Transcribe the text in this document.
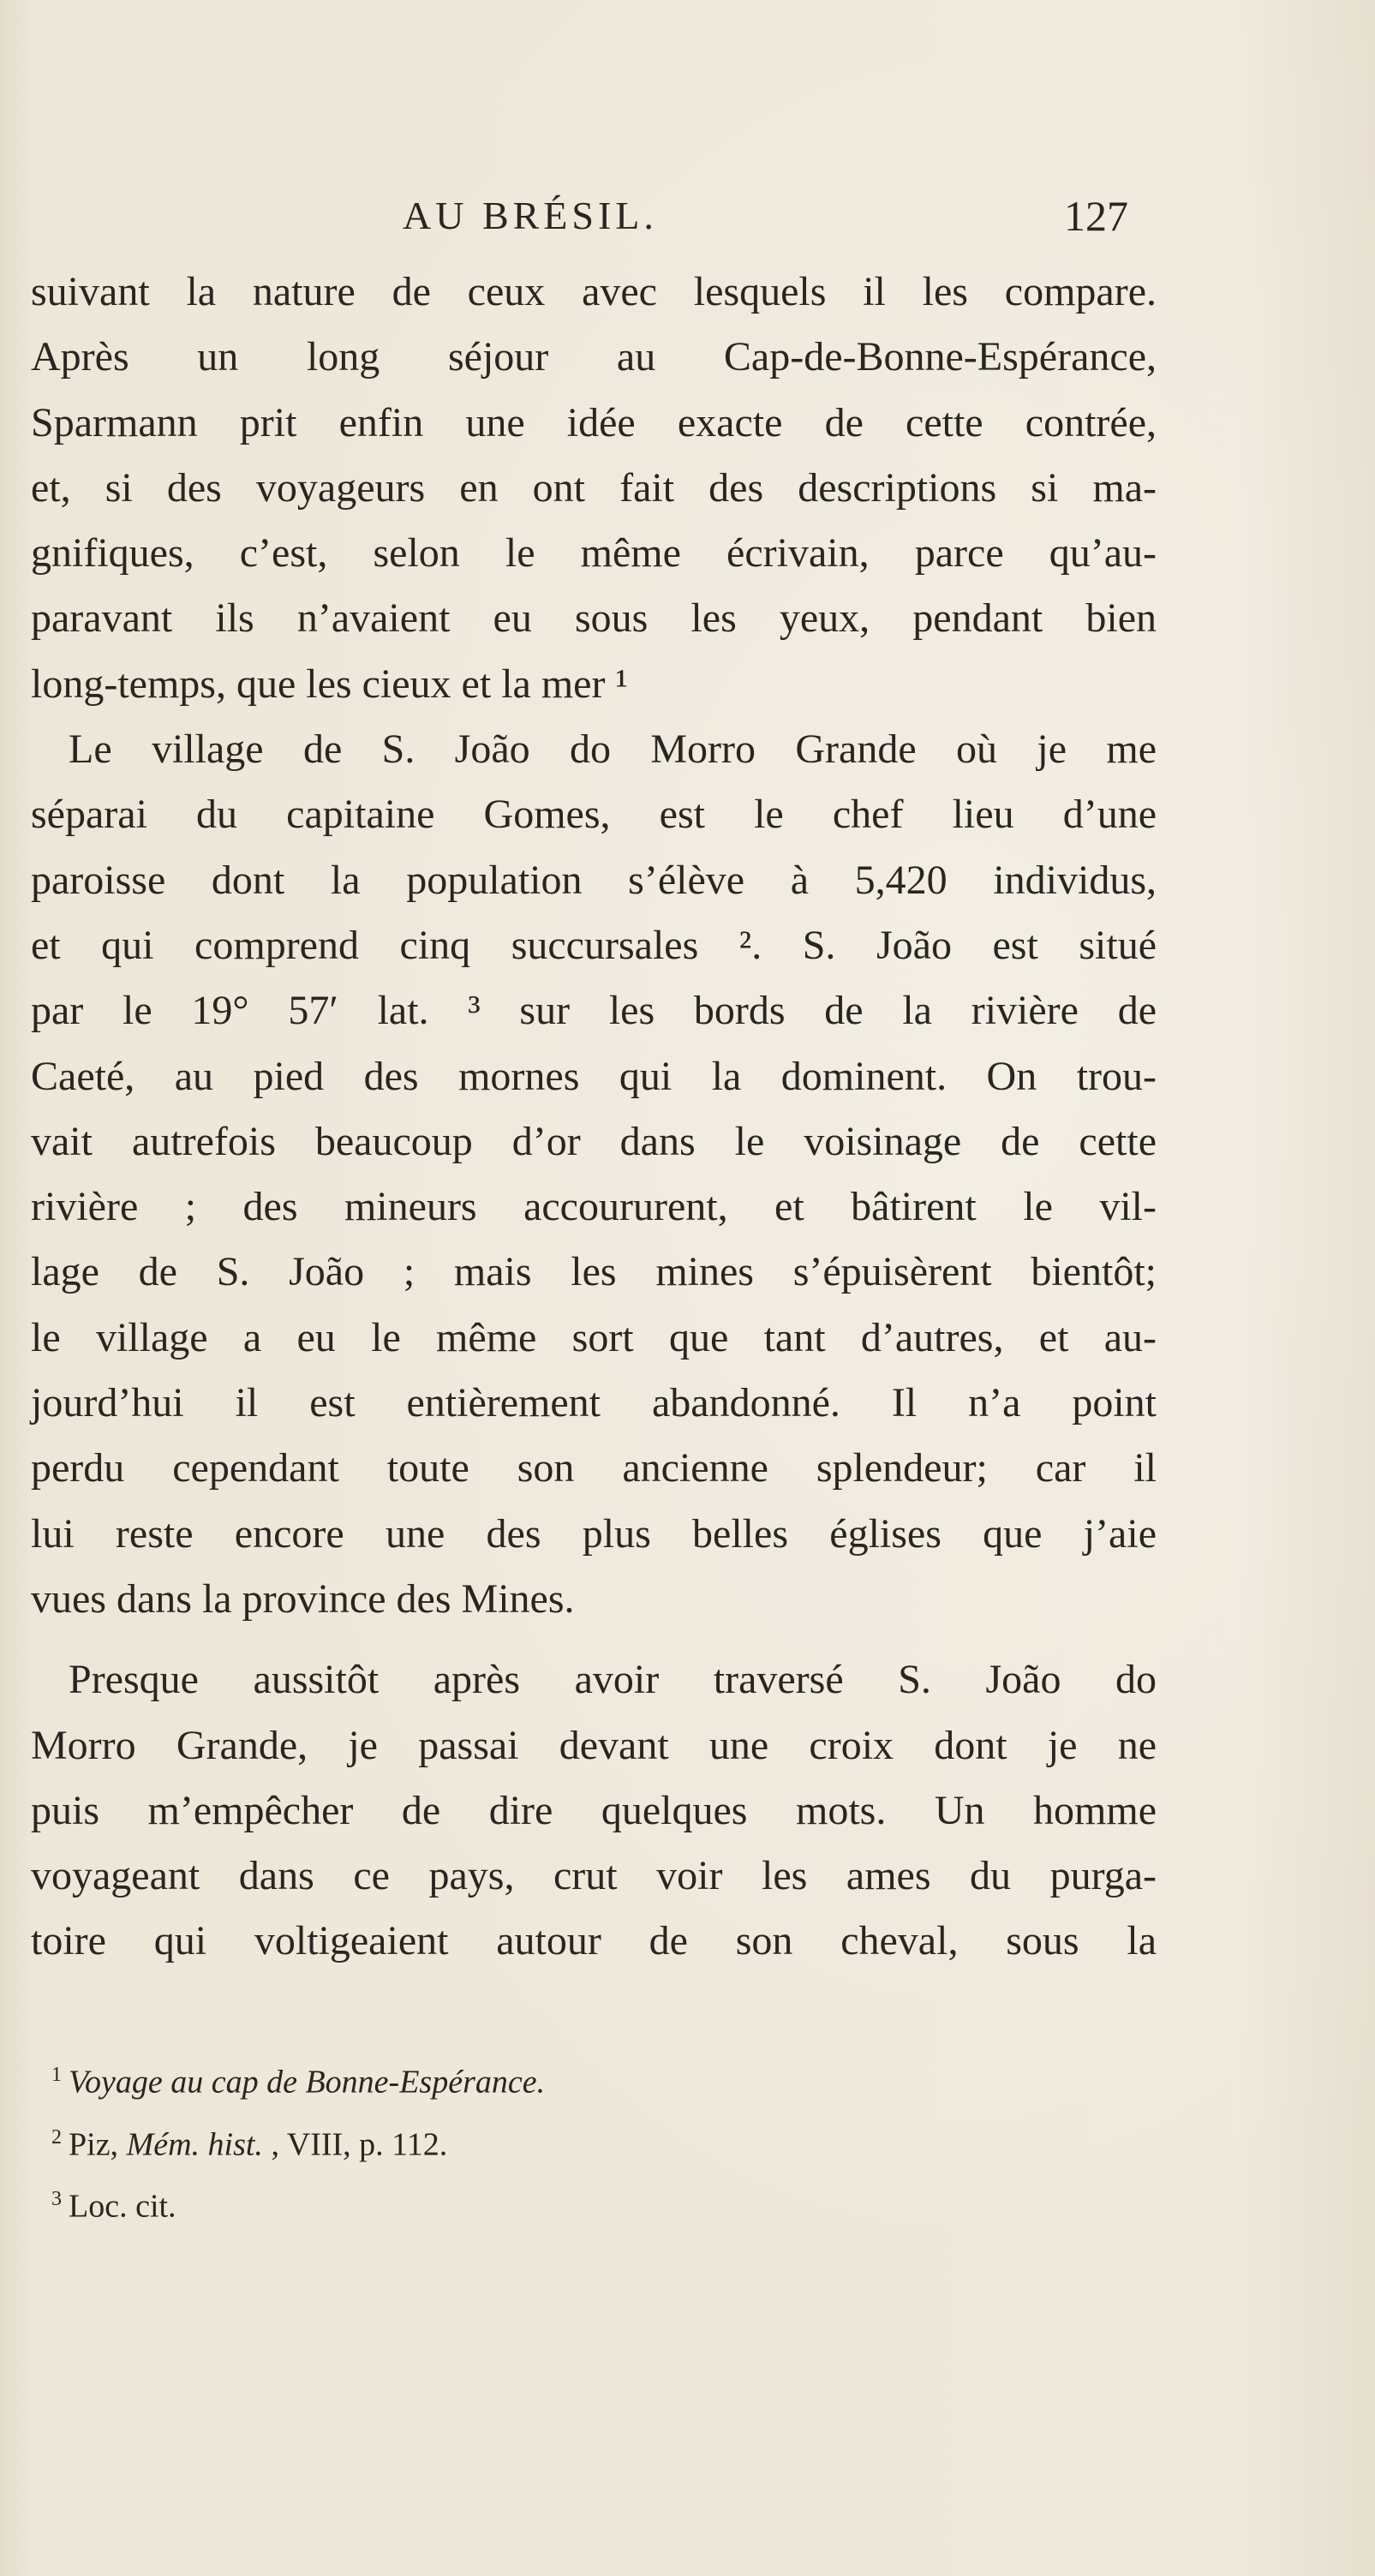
AU BRÉSIL.	127
suivant la nature de ceux avec lesquels il les compare.
Après un long séjour au Cap-de-Bonne-Espérance,
Sparmann prit enfin une idée exacte de cette contrée,
et, si des voyageurs en ont fait des descriptions si ma-
gnifiques, c’est, selon le même écrivain, parce qu’au-
paravant ils n’avaient eu sous les yeux, pendant bien
long-temps, que les cieux et la mer ¹
Le village de S. João do Morro Grande où je me
séparai du capitaine Gomes, est le chef lieu d’une
paroisse dont la population s’élève à 5,420 individus,
et qui comprend cinq succursales ². S. João est situé
par le 19° 57′ lat. ³ sur les bords de la rivière de
Caeté, au pied des mornes qui la dominent. On trou-
vait autrefois beaucoup d’or dans le voisinage de cette
rivière ; des mineurs accoururent, et bâtirent le vil-
lage de S. João ; mais les mines s’épuisèrent bientôt;
le village a eu le même sort que tant d’autres, et au-
jourd’hui il est entièrement abandonné. Il n’a point
perdu cependant toute son ancienne splendeur; car il
lui reste encore une des plus belles églises que j’aie
vues dans la province des Mines.
Presque aussitôt après avoir traversé S. João do
Morro Grande, je passai devant une croix dont je ne
puis m’empêcher de dire quelques mots. Un homme
voyageant dans ce pays, crut voir les ames du purga-
toire qui voltigeaient autour de son cheval, sous la
$^1$ Voyage au cap de Bonne-Espérance.
$^2$ Piz, Mém. hist. , VIII, p. 112.
$^3$ Loc. cit.
